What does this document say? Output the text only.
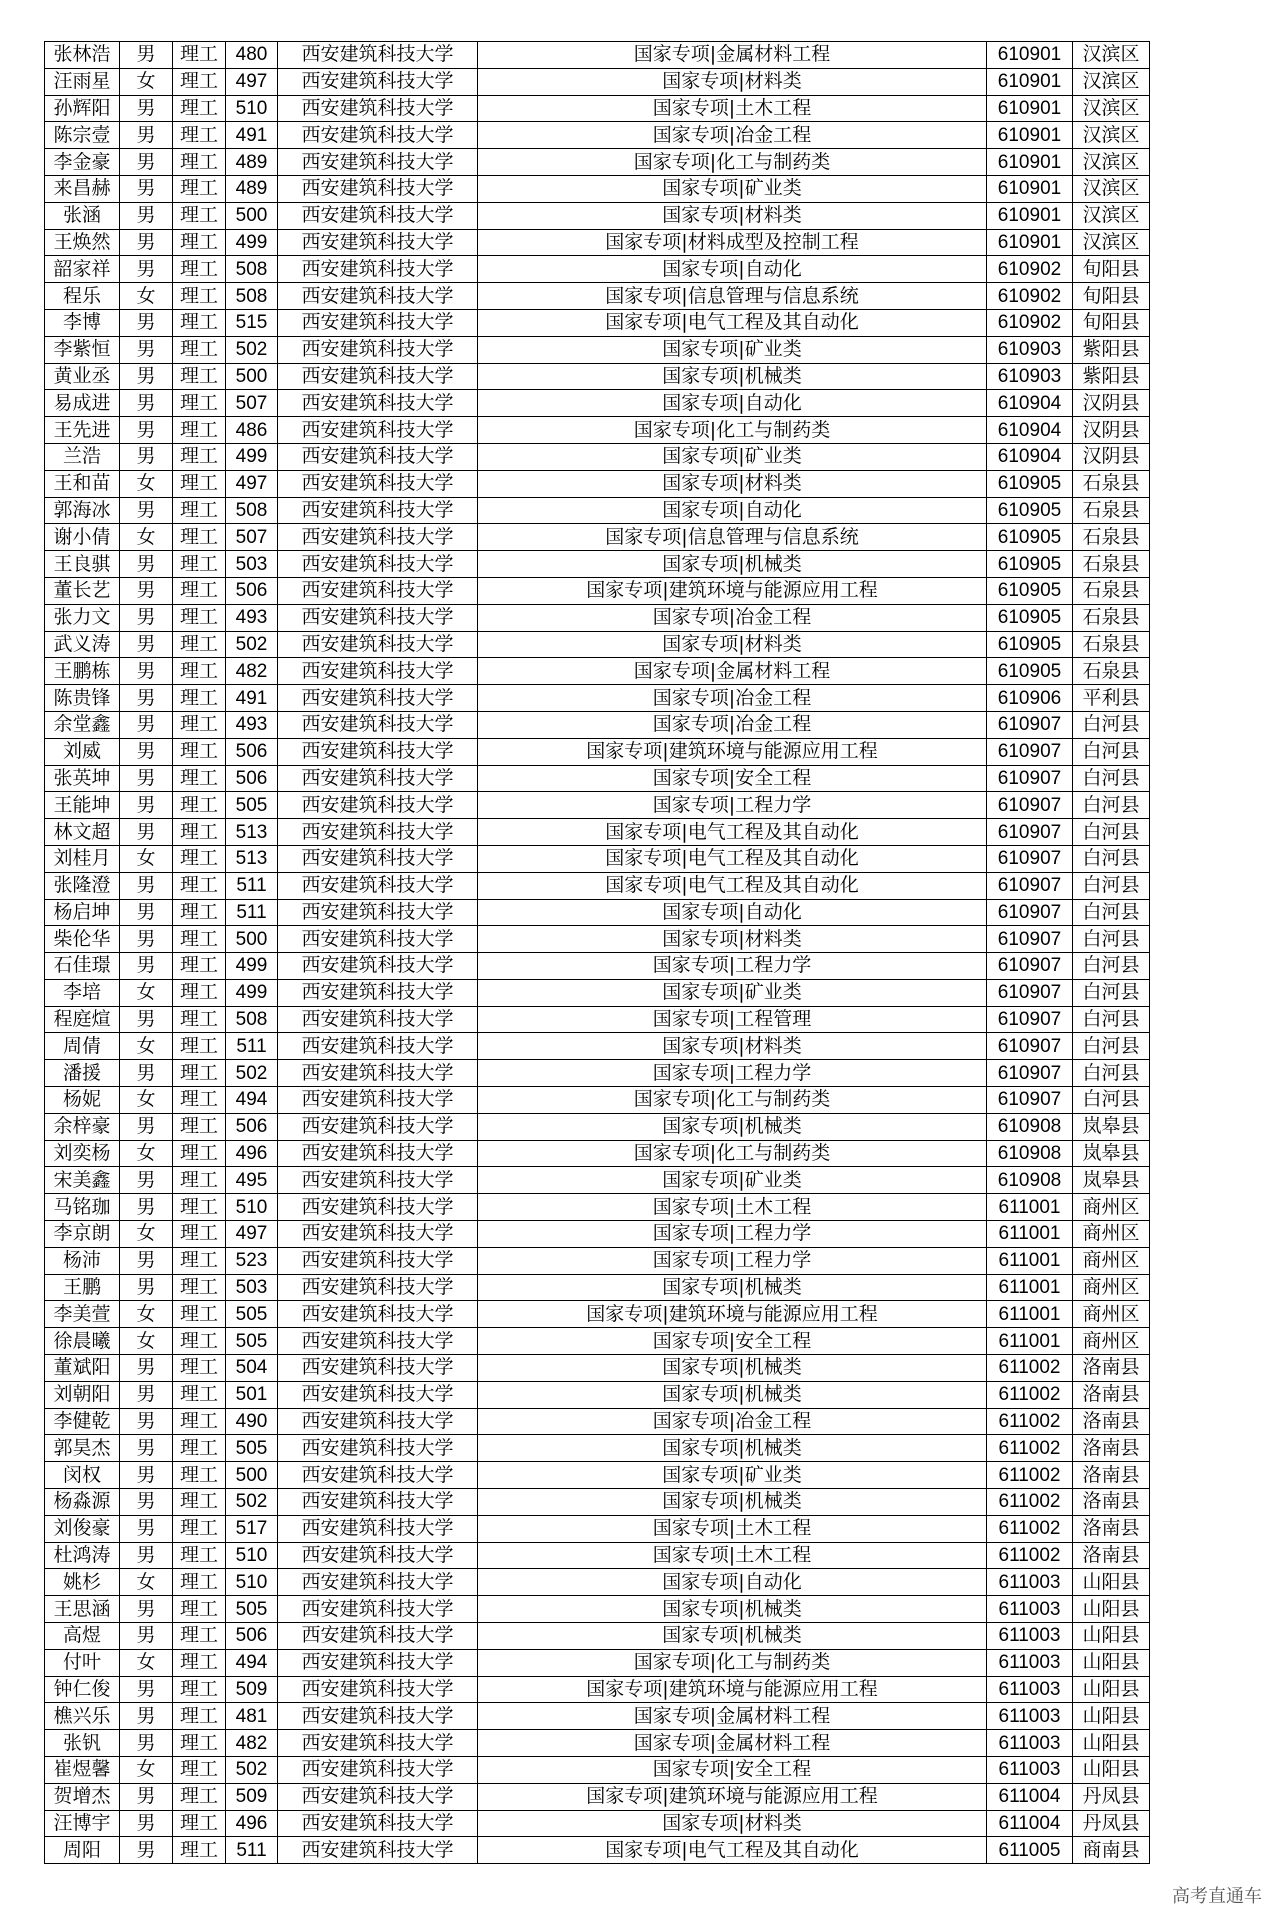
张林浩	男	理工	480	西安建筑科技大学	国家专项|金属材料工程	610901	汉滨区
汪雨星	女	理工	497	西安建筑科技大学	国家专项|材料类	610901	汉滨区
孙辉阳	男	理工	510	西安建筑科技大学	国家专项|土木工程	610901	汉滨区
陈宗壹	男	理工	491	西安建筑科技大学	国家专项|冶金工程	610901	汉滨区
李金豪	男	理工	489	西安建筑科技大学	国家专项|化工与制药类	610901	汉滨区
来昌赫	男	理工	489	西安建筑科技大学	国家专项|矿业类	610901	汉滨区
张涵	男	理工	500	西安建筑科技大学	国家专项|材料类	610901	汉滨区
王焕然	男	理工	499	西安建筑科技大学	国家专项|材料成型及控制工程	610901	汉滨区
韶家祥	男	理工	508	西安建筑科技大学	国家专项|自动化	610902	旬阳县
程乐	女	理工	508	西安建筑科技大学	国家专项|信息管理与信息系统	610902	旬阳县
李博	男	理工	515	西安建筑科技大学	国家专项|电气工程及其自动化	610902	旬阳县
李紫恒	男	理工	502	西安建筑科技大学	国家专项|矿业类	610903	紫阳县
黄业丞	男	理工	500	西安建筑科技大学	国家专项|机械类	610903	紫阳县
易成进	男	理工	507	西安建筑科技大学	国家专项|自动化	610904	汉阴县
王先进	男	理工	486	西安建筑科技大学	国家专项|化工与制药类	610904	汉阴县
兰浩	男	理工	499	西安建筑科技大学	国家专项|矿业类	610904	汉阴县
王和苗	女	理工	497	西安建筑科技大学	国家专项|材料类	610905	石泉县
郭海冰	男	理工	508	西安建筑科技大学	国家专项|自动化	610905	石泉县
谢小倩	女	理工	507	西安建筑科技大学	国家专项|信息管理与信息系统	610905	石泉县
王良骐	男	理工	503	西安建筑科技大学	国家专项|机械类	610905	石泉县
董长艺	男	理工	506	西安建筑科技大学	国家专项|建筑环境与能源应用工程	610905	石泉县
张力文	男	理工	493	西安建筑科技大学	国家专项|冶金工程	610905	石泉县
武义涛	男	理工	502	西安建筑科技大学	国家专项|材料类	610905	石泉县
王鹏栋	男	理工	482	西安建筑科技大学	国家专项|金属材料工程	610905	石泉县
陈贵锋	男	理工	491	西安建筑科技大学	国家专项|冶金工程	610906	平利县
余堂鑫	男	理工	493	西安建筑科技大学	国家专项|冶金工程	610907	白河县
刘威	男	理工	506	西安建筑科技大学	国家专项|建筑环境与能源应用工程	610907	白河县
张英坤	男	理工	506	西安建筑科技大学	国家专项|安全工程	610907	白河县
王能坤	男	理工	505	西安建筑科技大学	国家专项|工程力学	610907	白河县
林文超	男	理工	513	西安建筑科技大学	国家专项|电气工程及其自动化	610907	白河县
刘桂月	女	理工	513	西安建筑科技大学	国家专项|电气工程及其自动化	610907	白河县
张隆澄	男	理工	511	西安建筑科技大学	国家专项|电气工程及其自动化	610907	白河县
杨启坤	男	理工	511	西安建筑科技大学	国家专项|自动化	610907	白河县
柴伦华	男	理工	500	西安建筑科技大学	国家专项|材料类	610907	白河县
石佳璟	男	理工	499	西安建筑科技大学	国家专项|工程力学	610907	白河县
李培	女	理工	499	西安建筑科技大学	国家专项|矿业类	610907	白河县
程庭煊	男	理工	508	西安建筑科技大学	国家专项|工程管理	610907	白河县
周倩	女	理工	511	西安建筑科技大学	国家专项|材料类	610907	白河县
潘援	男	理工	502	西安建筑科技大学	国家专项|工程力学	610907	白河县
杨妮	女	理工	494	西安建筑科技大学	国家专项|化工与制药类	610907	白河县
余梓豪	男	理工	506	西安建筑科技大学	国家专项|机械类	610908	岚皋县
刘奕杨	女	理工	496	西安建筑科技大学	国家专项|化工与制药类	610908	岚皋县
宋美鑫	男	理工	495	西安建筑科技大学	国家专项|矿业类	610908	岚皋县
马铭珈	男	理工	510	西安建筑科技大学	国家专项|土木工程	611001	商州区
李京朗	女	理工	497	西安建筑科技大学	国家专项|工程力学	611001	商州区
杨沛	男	理工	523	西安建筑科技大学	国家专项|工程力学	611001	商州区
王鹏	男	理工	503	西安建筑科技大学	国家专项|机械类	611001	商州区
李美萱	女	理工	505	西安建筑科技大学	国家专项|建筑环境与能源应用工程	611001	商州区
徐晨曦	女	理工	505	西安建筑科技大学	国家专项|安全工程	611001	商州区
董斌阳	男	理工	504	西安建筑科技大学	国家专项|机械类	611002	洛南县
刘朝阳	男	理工	501	西安建筑科技大学	国家专项|机械类	611002	洛南县
李健乾	男	理工	490	西安建筑科技大学	国家专项|冶金工程	611002	洛南县
郭昊杰	男	理工	505	西安建筑科技大学	国家专项|机械类	611002	洛南县
闵权	男	理工	500	西安建筑科技大学	国家专项|矿业类	611002	洛南县
杨淼源	男	理工	502	西安建筑科技大学	国家专项|机械类	611002	洛南县
刘俊豪	男	理工	517	西安建筑科技大学	国家专项|土木工程	611002	洛南县
杜鸿涛	男	理工	510	西安建筑科技大学	国家专项|土木工程	611002	洛南县
姚杉	女	理工	510	西安建筑科技大学	国家专项|自动化	611003	山阳县
王思涵	男	理工	505	西安建筑科技大学	国家专项|机械类	611003	山阳县
高煜	男	理工	506	西安建筑科技大学	国家专项|机械类	611003	山阳县
付叶	女	理工	494	西安建筑科技大学	国家专项|化工与制药类	611003	山阳县
钟仁俊	男	理工	509	西安建筑科技大学	国家专项|建筑环境与能源应用工程	611003	山阳县
樵兴乐	男	理工	481	西安建筑科技大学	国家专项|金属材料工程	611003	山阳县
张钒	男	理工	482	西安建筑科技大学	国家专项|金属材料工程	611003	山阳县
崔煜馨	女	理工	502	西安建筑科技大学	国家专项|安全工程	611003	山阳县
贺增杰	男	理工	509	西安建筑科技大学	国家专项|建筑环境与能源应用工程	611004	丹凤县
汪博宇	男	理工	496	西安建筑科技大学	国家专项|材料类	611004	丹凤县
周阳	男	理工	511	西安建筑科技大学	国家专项|电气工程及其自动化	611005	商南县
高考直通车
